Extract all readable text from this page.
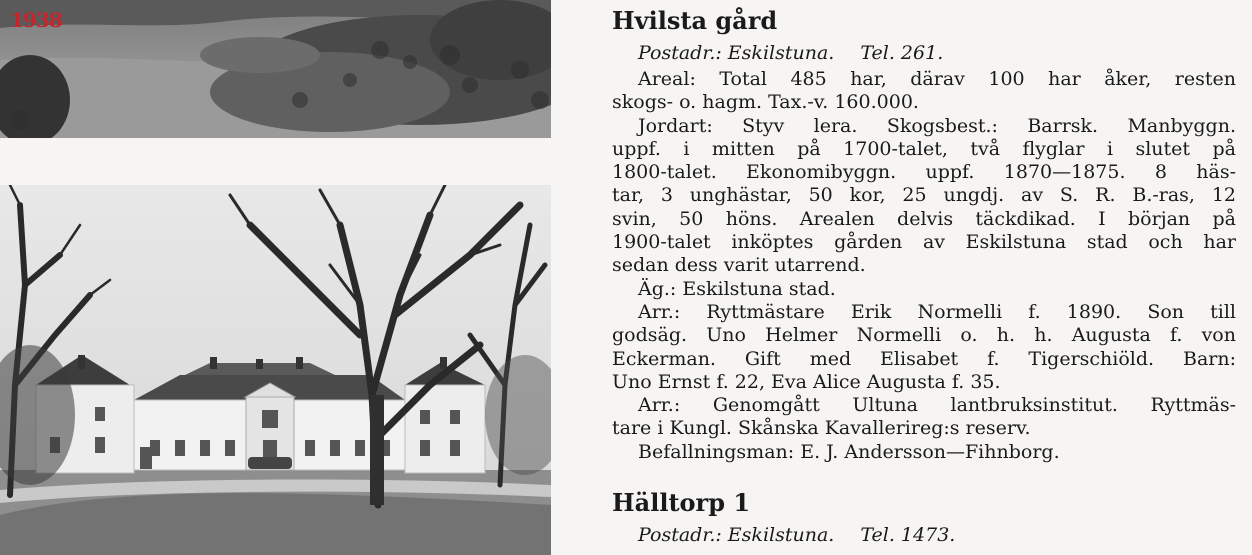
1938	Hvilsta gård
Postadr.: Eskilstuna. Tel. 261.
Areal: Total 485 har, därav 100 har åker, resten
skogs- o. hagm. Tax.-v. 160.000.
Jordart: Styv lera. Skogsbest.: Barrsk. Manbyggn.
uppf. i mitten på 1700-talet, två flyglar i slutet på
1800-talet. Ekonomibyggn. uppf. 1870—1875. 8 häs-
tar, 3 unghästar, 50 kor, 25 ungdj. av S. R. B.-ras, 12
svin, 50 höns. Arealen delvis täckdikad. I början på
1900-talet inköptes gården av Eskilstuna stad och har
sedan dess varit utarrend.
Äg.: Eskilstuna stad.
Arr.: Ryttmästare Erik Normelli f. 1890. Son till
godsäg. Uno Helmer Normelli o. h. h. Augusta f. von
Eckerman. Gift med Elisabet f. Tigerschiöld. Barn:
Uno Ernst f. 22, Eva Alice Augusta f. 35.
Arr.: Genomgått Ultuna lantbruksinstitut. Ryttmäs-
tare i Kungl. Skånska Kavallerireg:s reserv.
Befallningsman: E. J. Andersson—Fihnborg.
Hälltorp 1
Postadr.: Eskilstuna. Tel. 1473.
